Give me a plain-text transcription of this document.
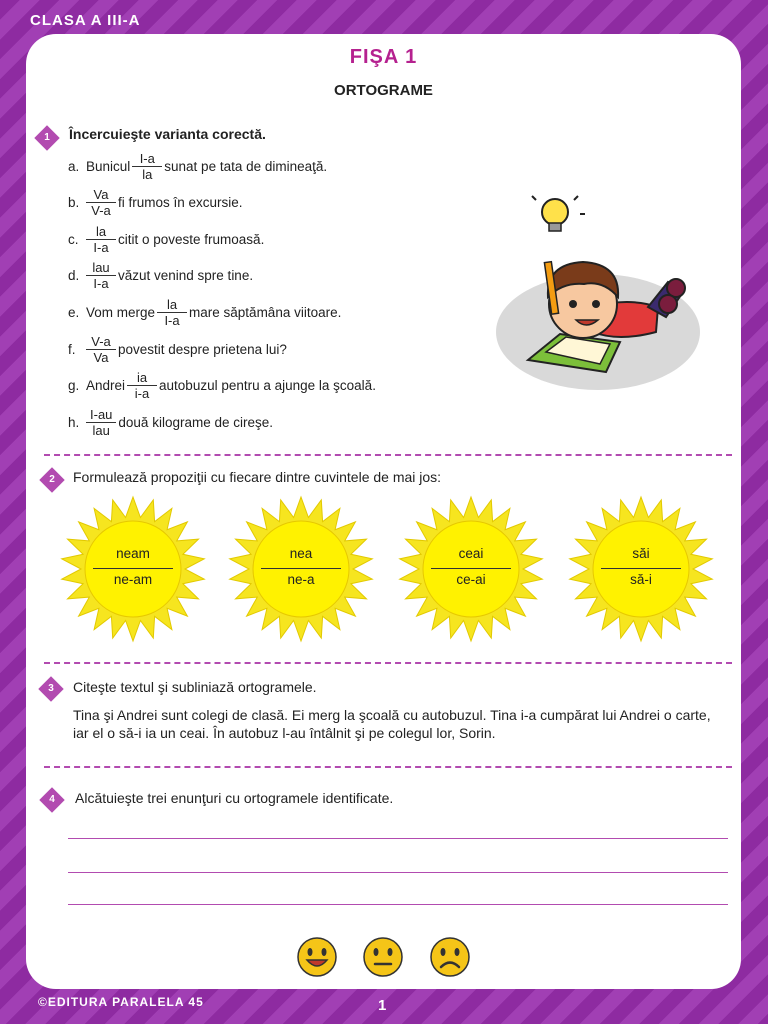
CLASA A III-A
FIŞA 1
ORTOGRAME
1	Încercuieşte varianta corectă.
a. Bunicul $\frac{I-a}{la}$ sunat pe tata de dimineaţă.
b. $\frac{Va}{V-a}$ fi frumos în excursie.
c. $\frac{la}{I-a}$ citit o poveste frumoasă.
d. $\frac{\text{lau}}{I-a}$ văzut venind spre tine.
e. Vom merge $\frac{la}{I-a}$ mare săptămâna viitoare.
f. $\frac{V-a}{Va}$ povestit despre prietena lui?
g. Andrei $\frac{ia}{i-a}$ autobuzul pentru a ajunge la şcoală.
h. $\frac{I-au}{\text{lau}}$ două kilograme de cireşe.
2	Formulează propoziţii cu fiecare dintre cuvintele de mai jos:
neam
ne-am
nea
ne-a
ceai
ce-ai
săi
să-i
3	Citeşte textul şi subliniază ortogramele.
Tina şi Andrei sunt colegi de clasă. Ei merg la şcoală cu autobuzul. Tina i-a cumpărat lui Andrei o carte,
iar el o să-i ia un ceai. În autobuz l-au întâlnit şi pe colegul lor, Sorin.
4	Alcătuieşte trei enunţuri cu ortogramele identificate.
©EDITURA PARALELA 45	1
